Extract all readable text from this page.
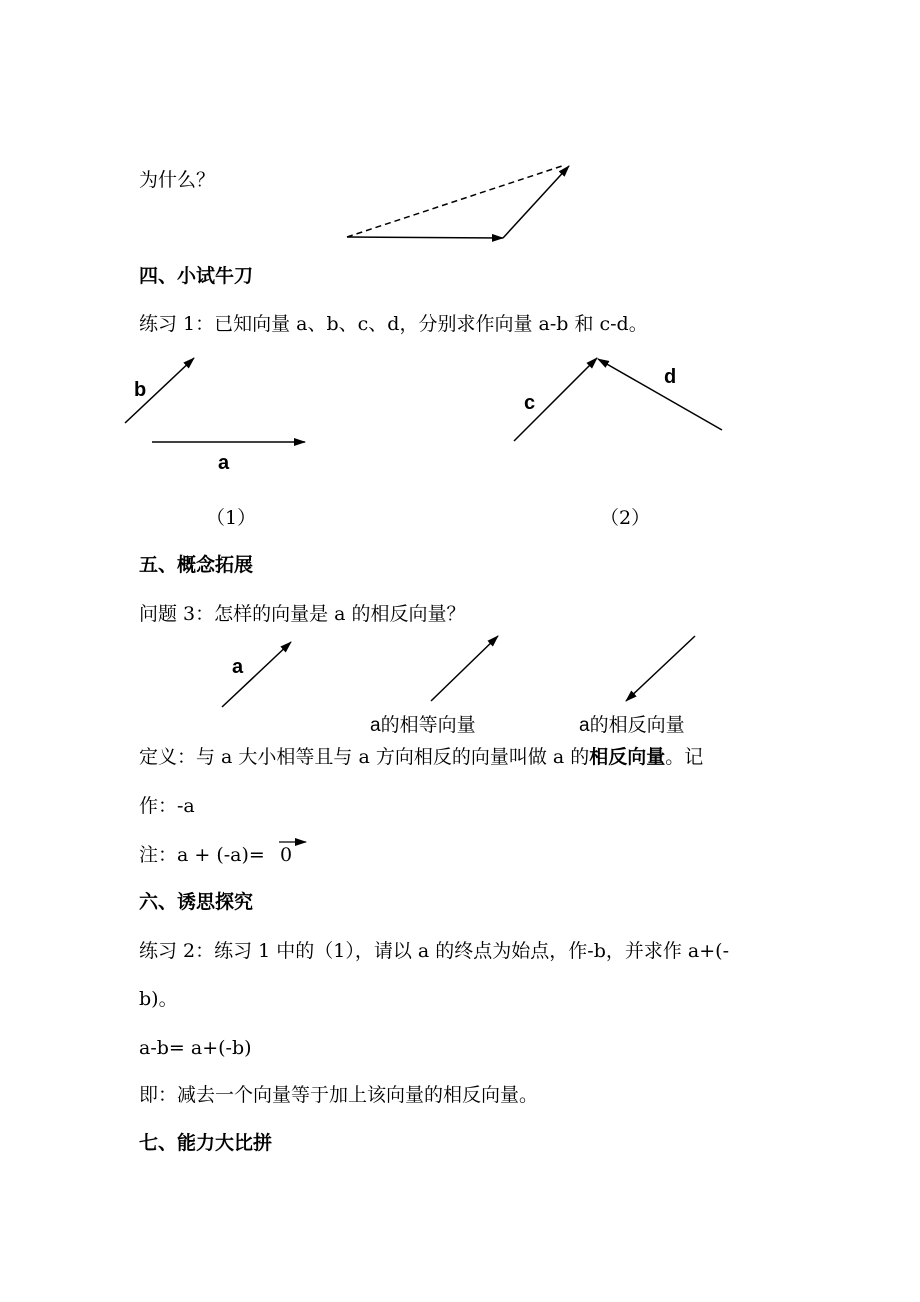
为什么？
四、小试牛刀
练习 1：已知向量 a、b、c、d，分别求作向量 a-b 和 c-d。
b
a
（1）
c
d
（2）
五、概念拓展
问题 3：怎样的向量是 a 的相反向量？
a
a的相等向量	a的相反向量
定义：与 a 大小相等且与 a 方向相反的向量叫做 a 的相反向量。记
作：-a
注：a + (-a)= 0
六、诱思探究
练习 2：练习 1 中的（1），请以 a 的终点为始点，作-b，并求作 a+(-
b)。
a-b= a+(-b)
即：减去一个向量等于加上该向量的相反向量。
七、能力大比拼
